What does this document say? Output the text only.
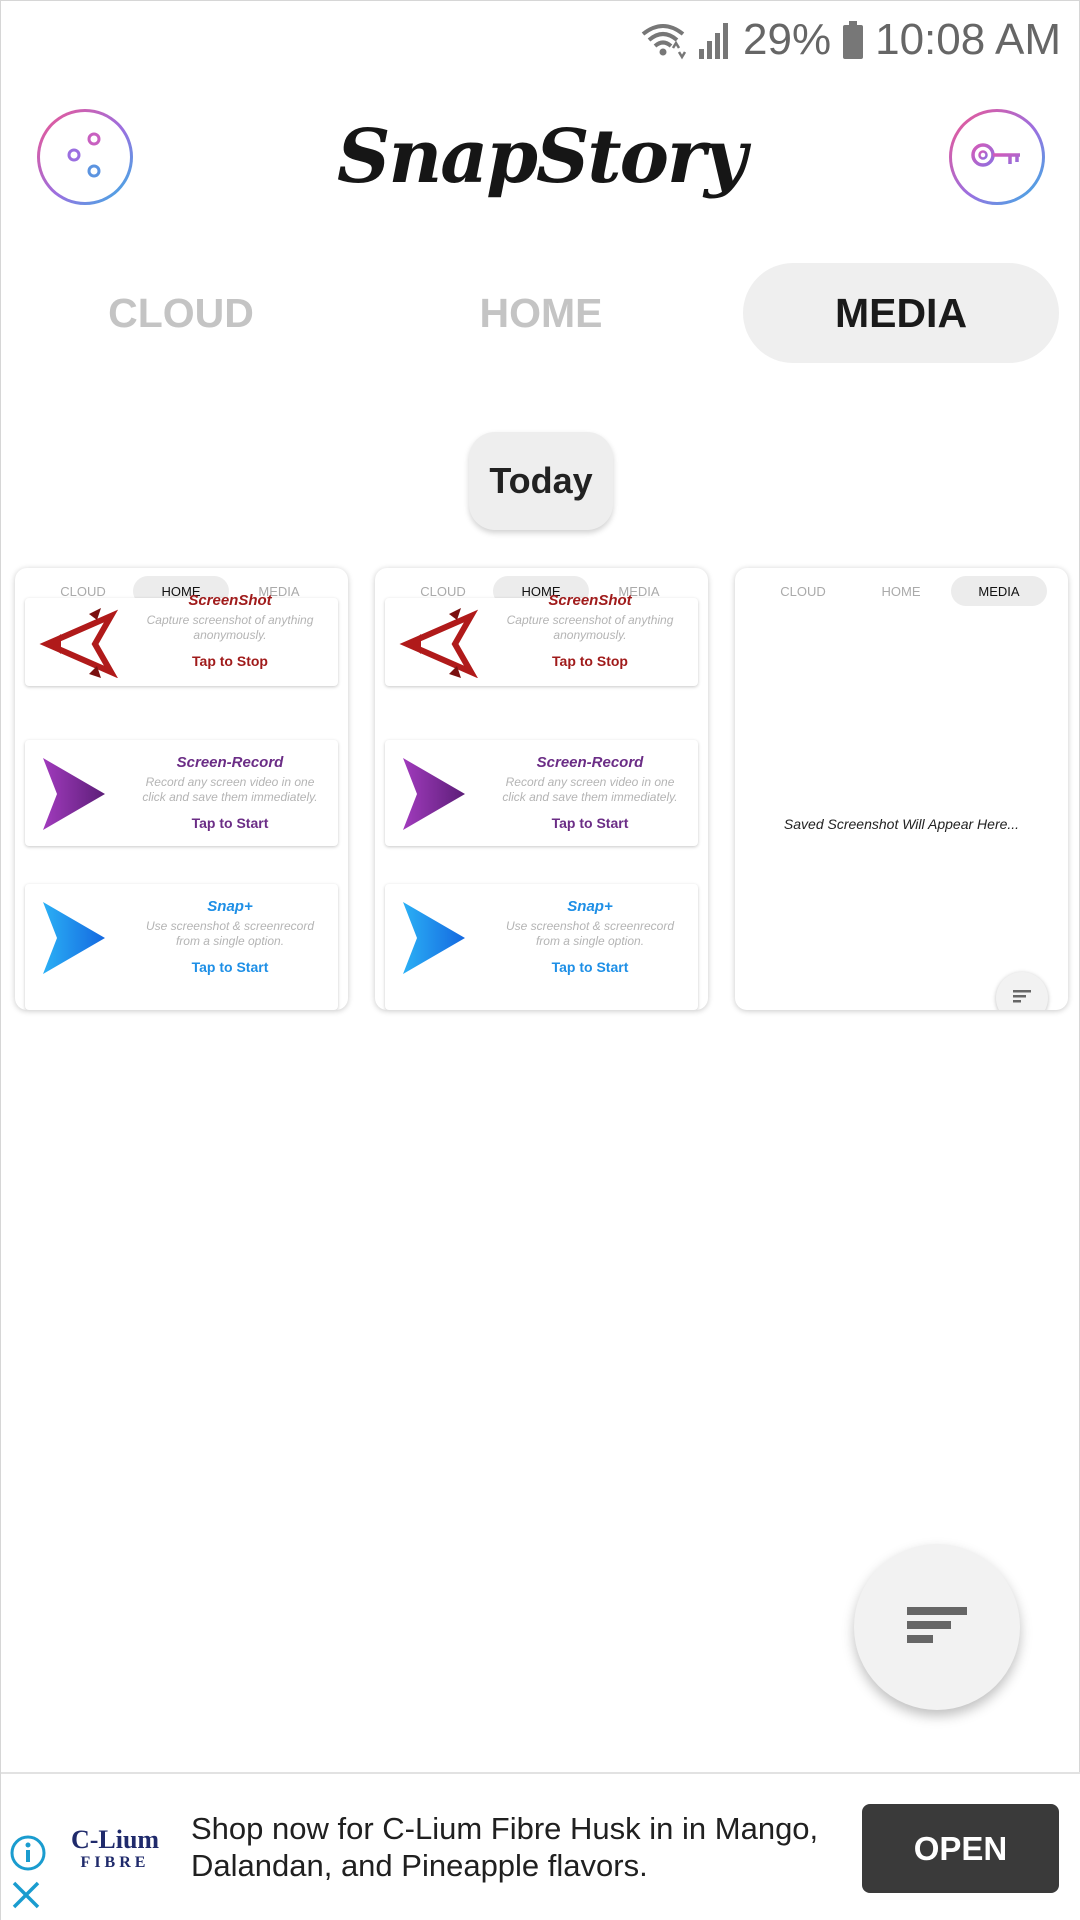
29% 10:08 AM
SnapStory
CLOUD	HOME	MEDIA
Today
CLOUD	HOME	MEDIA
ScreenShot
Capture screenshot of anything anonymously.
Tap to Stop
Screen-Record
Record any screen video in one click and save them immediately.
Tap to Start
Snap+
Use screenshot & screenrecord from a single option.
Tap to Start
CLOUD	HOME	MEDIA
ScreenShot
Capture screenshot of anything anonymously.
Tap to Stop
Screen-Record
Record any screen video in one click and save them immediately.
Tap to Start
Snap+
Use screenshot & screenrecord from a single option.
Tap to Start
CLOUD	HOME	MEDIA
Saved Screenshot Will Appear Here...
C-Lium
FIBRE
Shop now for C-Lium Fibre Husk in in Mango, Dalandan, and Pineapple flavors.	OPEN
